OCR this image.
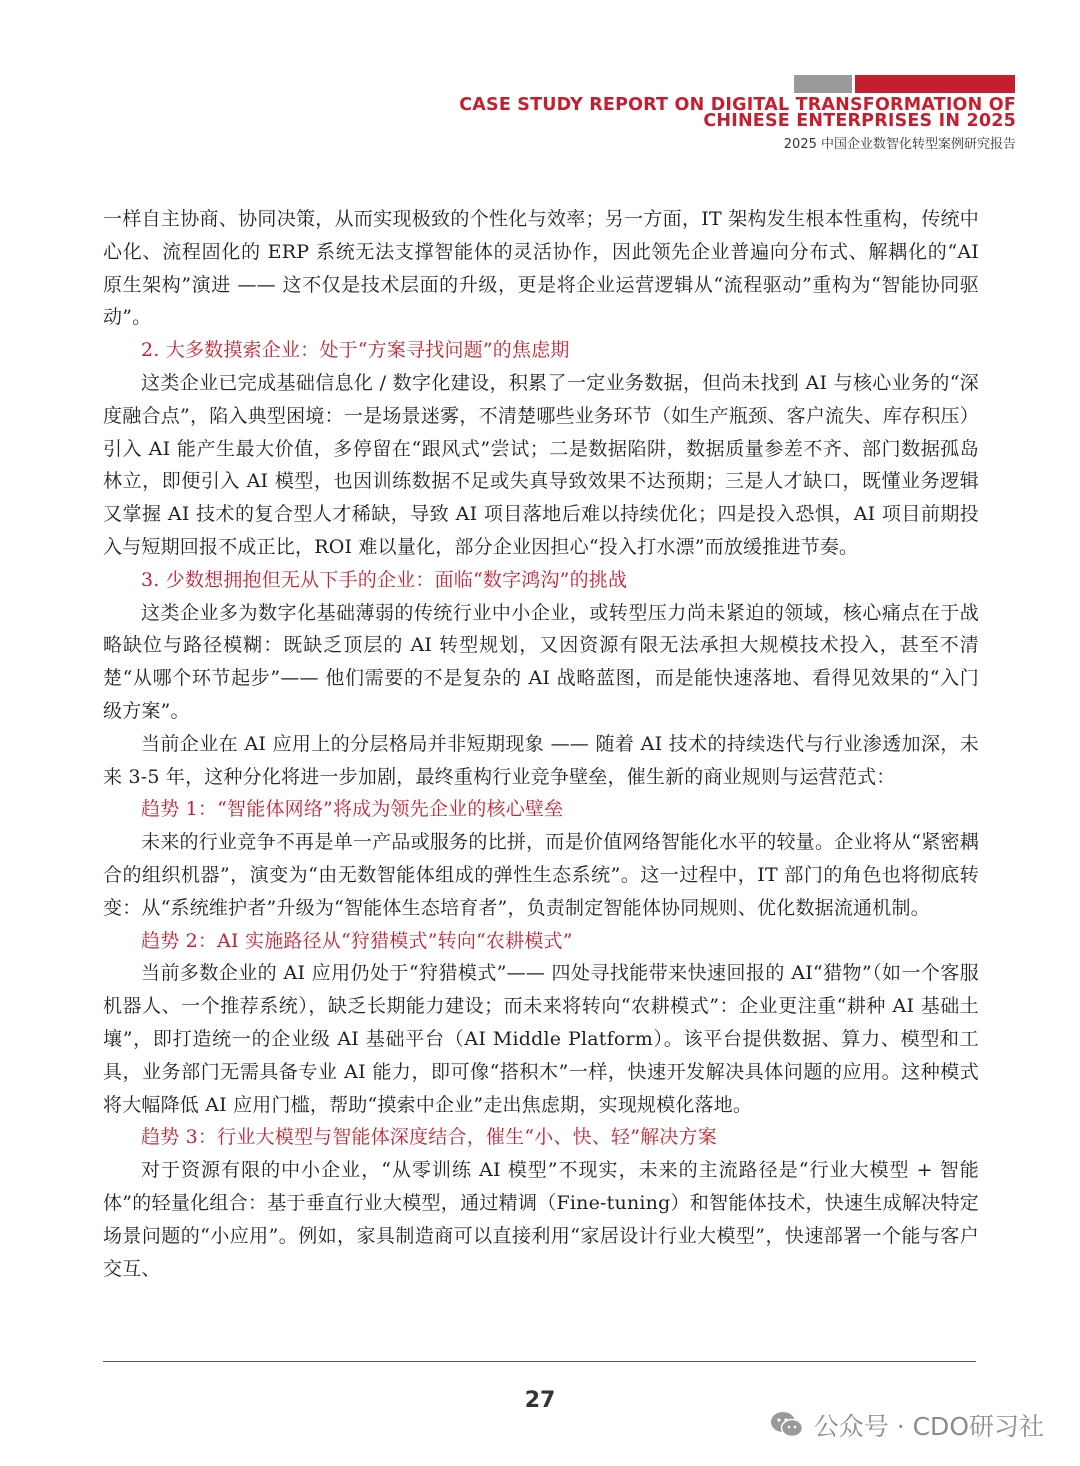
CASE STUDY REPORT ON DIGITAL TRANSFORMATION OF
CHINESE ENTERPRISES IN 2025
2025 中国企业数智化转型案例研究报告

一样自主协商、协同决策，从而实现极致的个性化与效率；另一方面，IT 架构发生根本性重构，传统中心化、流程固化的 ERP 系统无法支撑智能体的灵活协作，因此领先企业普遍向分布式、解耦化的“AI 原生架构”演进 —— 这不仅是技术层面的升级，更是将企业运营逻辑从“流程驱动”重构为“智能协同驱动”。

2. 大多数摸索企业：处于“方案寻找问题”的焦虑期

这类企业已完成基础信息化 / 数字化建设，积累了一定业务数据，但尚未找到 AI 与核心业务的“深度融合点”，陷入典型困境：一是场景迷雾，不清楚哪些业务环节（如生产瓶颈、客户流失、库存积压）引入 AI 能产生最大价值，多停留在“跟风式”尝试；二是数据陷阱，数据质量参差不齐、部门数据孤岛林立，即便引入 AI 模型，也因训练数据不足或失真导致效果不达预期；三是人才缺口，既懂业务逻辑又掌握 AI 技术的复合型人才稀缺，导致 AI 项目落地后难以持续优化；四是投入恐惧，AI 项目前期投入与短期回报不成正比，ROI 难以量化，部分企业因担心“投入打水漂”而放缓推进节奏。

3. 少数想拥抱但无从下手的企业：面临“数字鸿沟”的挑战

这类企业多为数字化基础薄弱的传统行业中小企业，或转型压力尚未紧迫的领域，核心痛点在于战略缺位与路径模糊：既缺乏顶层的 AI 转型规划，又因资源有限无法承担大规模技术投入，甚至不清楚“从哪个环节起步”—— 他们需要的不是复杂的 AI 战略蓝图，而是能快速落地、看得见效果的“入门级方案”。

当前企业在 AI 应用上的分层格局并非短期现象 —— 随着 AI 技术的持续迭代与行业渗透加深，未来 3-5 年，这种分化将进一步加剧，最终重构行业竞争壁垒，催生新的商业规则与运营范式：

趋势 1：“智能体网络”将成为领先企业的核心壁垒

未来的行业竞争不再是单一产品或服务的比拼，而是价值网络智能化水平的较量。企业将从“紧密耦合的组织机器”，演变为“由无数智能体组成的弹性生态系统”。这一过程中，IT 部门的角色也将彻底转变：从“系统维护者”升级为“智能体生态培育者”，负责制定智能体协同规则、优化数据流通机制。

趋势 2：AI 实施路径从“狩猎模式”转向“农耕模式”

当前多数企业的 AI 应用仍处于“狩猎模式”—— 四处寻找能带来快速回报的 AI“猎物”（如一个客服机器人、一个推荐系统），缺乏长期能力建设；而未来将转向“农耕模式”：企业更注重“耕种 AI 基础土壤”，即打造统一的企业级 AI 基础平台（AI Middle Platform）。该平台提供数据、算力、模型和工具，业务部门无需具备专业 AI 能力，即可像“搭积木”一样，快速开发解决具体问题的应用。这种模式将大幅降低 AI 应用门槛，帮助“摸索中企业”走出焦虑期，实现规模化落地。

趋势 3：行业大模型与智能体深度结合，催生“小、快、轻”解决方案

对于资源有限的中小企业，“从零训练 AI 模型”不现实，未来的主流路径是“行业大模型 + 智能体”的轻量化组合：基于垂直行业大模型，通过精调（Fine-tuning）和智能体技术，快速生成解决特定场景问题的“小应用”。例如，家具制造商可以直接利用“家居设计行业大模型”，快速部署一个能与客户交互、

27
公众号 · CDO研习社
